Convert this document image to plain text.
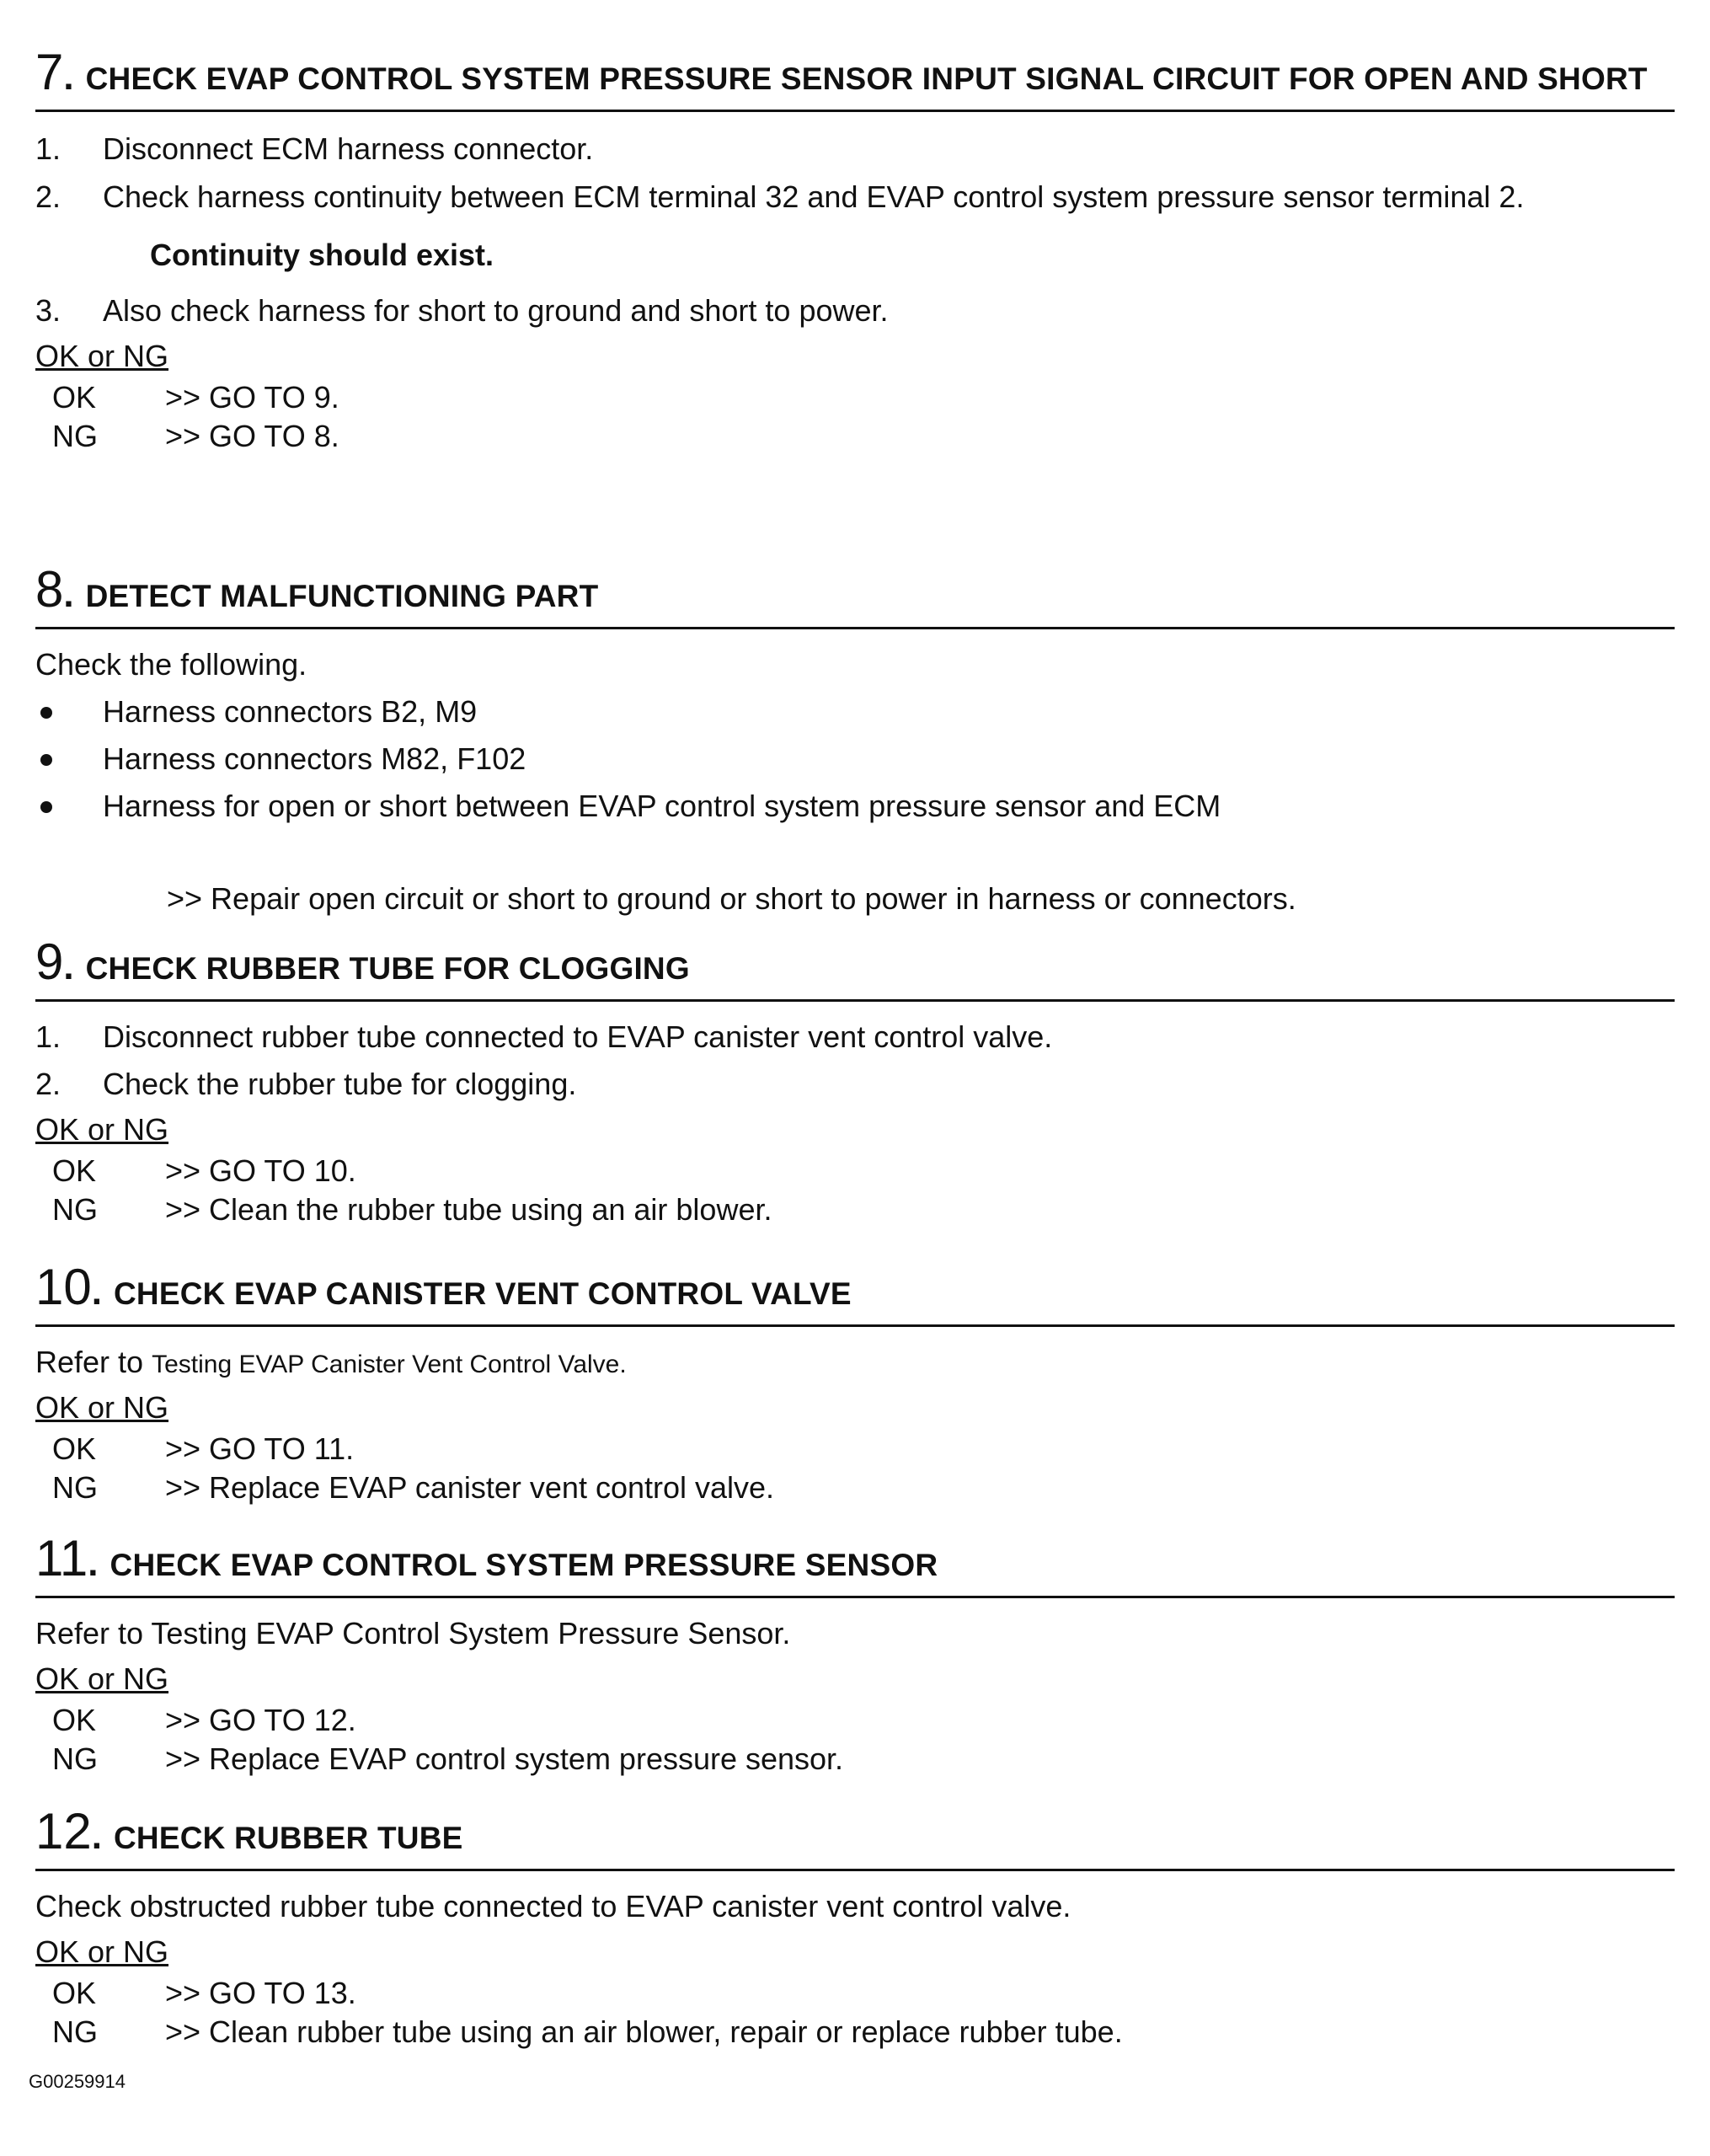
7. CHECK EVAP CONTROL SYSTEM PRESSURE SENSOR INPUT SIGNAL CIRCUIT FOR OPEN AND SHORT
1.	Disconnect ECM harness connector.
2.	Check harness continuity between ECM terminal 32 and EVAP control system pressure sensor terminal 2.
Continuity should exist.
3.	Also check harness for short to ground and short to power.
OK or NG
OK >> GO TO 9.
NG >> GO TO 8.
8. DETECT MALFUNCTIONING PART
Check the following.
Harness connectors B2, M9
Harness connectors M82, F102
Harness for open or short between EVAP control system pressure sensor and ECM
>> Repair open circuit or short to ground or short to power in harness or connectors.
9. CHECK RUBBER TUBE FOR CLOGGING
1.	Disconnect rubber tube connected to EVAP canister vent control valve.
2.	Check the rubber tube for clogging.
OK or NG
OK >> GO TO 10.
NG >> Clean the rubber tube using an air blower.
10. CHECK EVAP CANISTER VENT CONTROL VALVE
Refer to Testing EVAP Canister Vent Control Valve.
OK or NG
OK >> GO TO 11.
NG >> Replace EVAP canister vent control valve.
11. CHECK EVAP CONTROL SYSTEM PRESSURE SENSOR
Refer to Testing EVAP Control System Pressure Sensor.
OK or NG
OK >> GO TO 12.
NG >> Replace EVAP control system pressure sensor.
12. CHECK RUBBER TUBE
Check obstructed rubber tube connected to EVAP canister vent control valve.
OK or NG
OK >> GO TO 13.
NG >> Clean rubber tube using an air blower, repair or replace rubber tube.
G00259914
